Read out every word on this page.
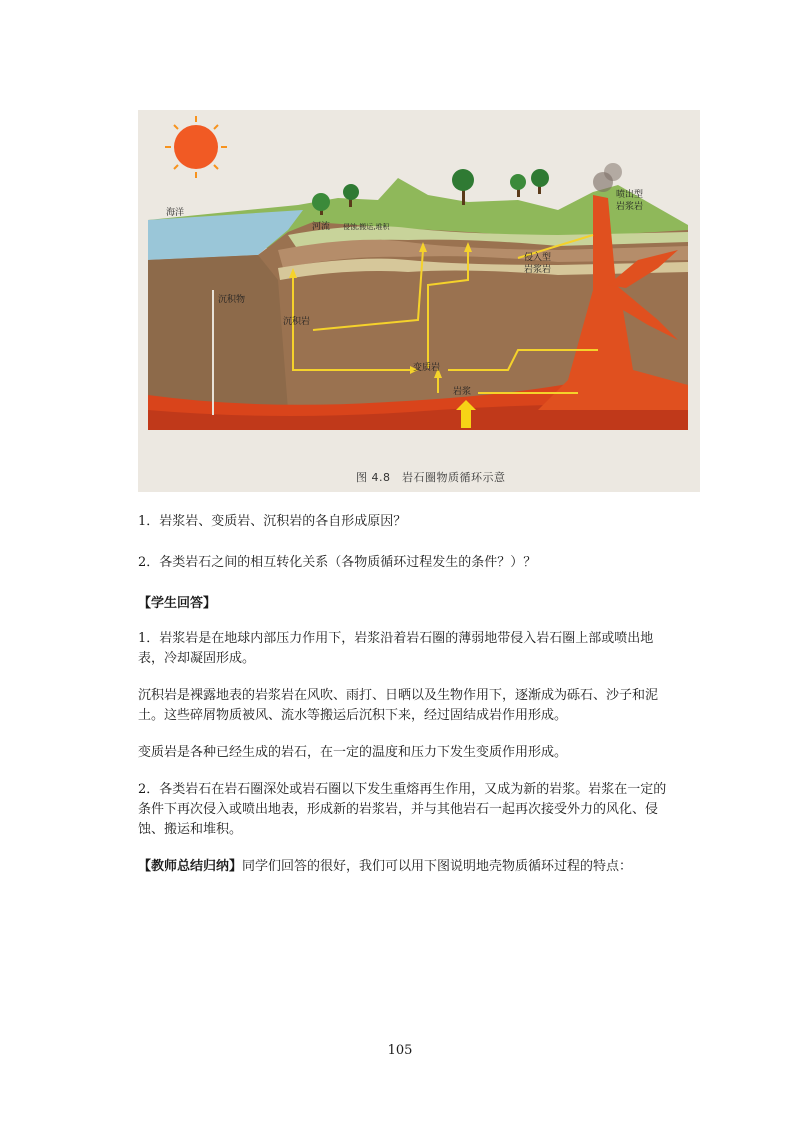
海洋
河流 侵蚀,搬运,堆积
沉积物
沉积岩
变质岩
岩浆
侵入型
岩浆岩
喷出型
岩浆岩
图 4.8　岩石圈物质循环示意
1．岩浆岩、变质岩、沉积岩的各自形成原因？
2．各类岩石之间的相互转化关系（各物质循环过程发生的条件？）？
【学生回答】
1．岩浆岩是在地球内部压力作用下，岩浆沿着岩石圈的薄弱地带侵入岩石圈上部或喷出地表，冷却凝固形成。
沉积岩是裸露地表的岩浆岩在风吹、雨打、日晒以及生物作用下，逐渐成为砾石、沙子和泥土。这些碎屑物质被风、流水等搬运后沉积下来，经过固结成岩作用形成。
变质岩是各种已经生成的岩石，在一定的温度和压力下发生变质作用形成。
2．各类岩石在岩石圈深处或岩石圈以下发生重熔再生作用，又成为新的岩浆。岩浆在一定的条件下再次侵入或喷出地表，形成新的岩浆岩，并与其他岩石一起再次接受外力的风化、侵蚀、搬运和堆积。
【教师总结归纳】同学们回答的很好，我们可以用下图说明地壳物质循环过程的特点：
105
